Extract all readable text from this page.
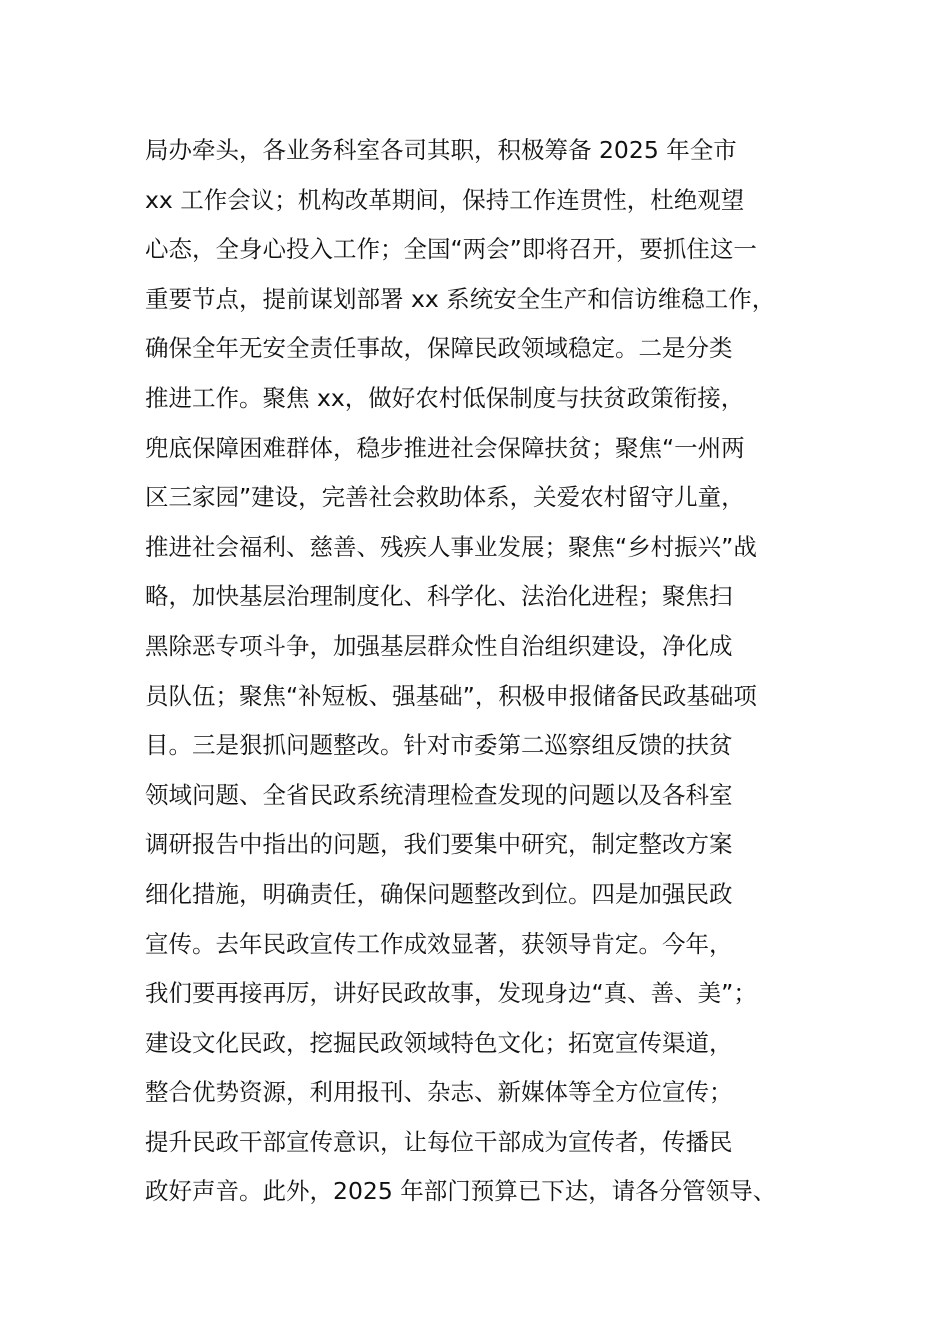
局办牵头，各业务科室各司其职，积极筹备 2025 年全市
xx 工作会议；机构改革期间，保持工作连贯性，杜绝观望
心态，全身心投入工作；全国“两会”即将召开，要抓住这一
重要节点，提前谋划部署 xx 系统安全生产和信访维稳工作，
确保全年无安全责任事故，保障民政领域稳定。二是分类
推进工作。聚焦 xx，做好农村低保制度与扶贫政策衔接，
兜底保障困难群体，稳步推进社会保障扶贫；聚焦“一州两
区三家园”建设，完善社会救助体系，关爱农村留守儿童，
推进社会福利、慈善、残疾人事业发展；聚焦“乡村振兴”战
略，加快基层治理制度化、科学化、法治化进程；聚焦扫
黑除恶专项斗争，加强基层群众性自治组织建设，净化成
员队伍；聚焦“补短板、强基础”，积极申报储备民政基础项
目。三是狠抓问题整改。针对市委第二巡察组反馈的扶贫
领域问题、全省民政系统清理检查发现的问题以及各科室
调研报告中指出的问题，我们要集中研究，制定整改方案
细化措施，明确责任，确保问题整改到位。四是加强民政
宣传。去年民政宣传工作成效显著，获领导肯定。今年，
我们要再接再厉，讲好民政故事，发现身边“真、善、美”；
建设文化民政，挖掘民政领域特色文化；拓宽宣传渠道，
整合优势资源，利用报刊、杂志、新媒体等全方位宣传；
提升民政干部宣传意识，让每位干部成为宣传者，传播民
政好声音。此外，2025 年部门预算已下达，请各分管领导、
